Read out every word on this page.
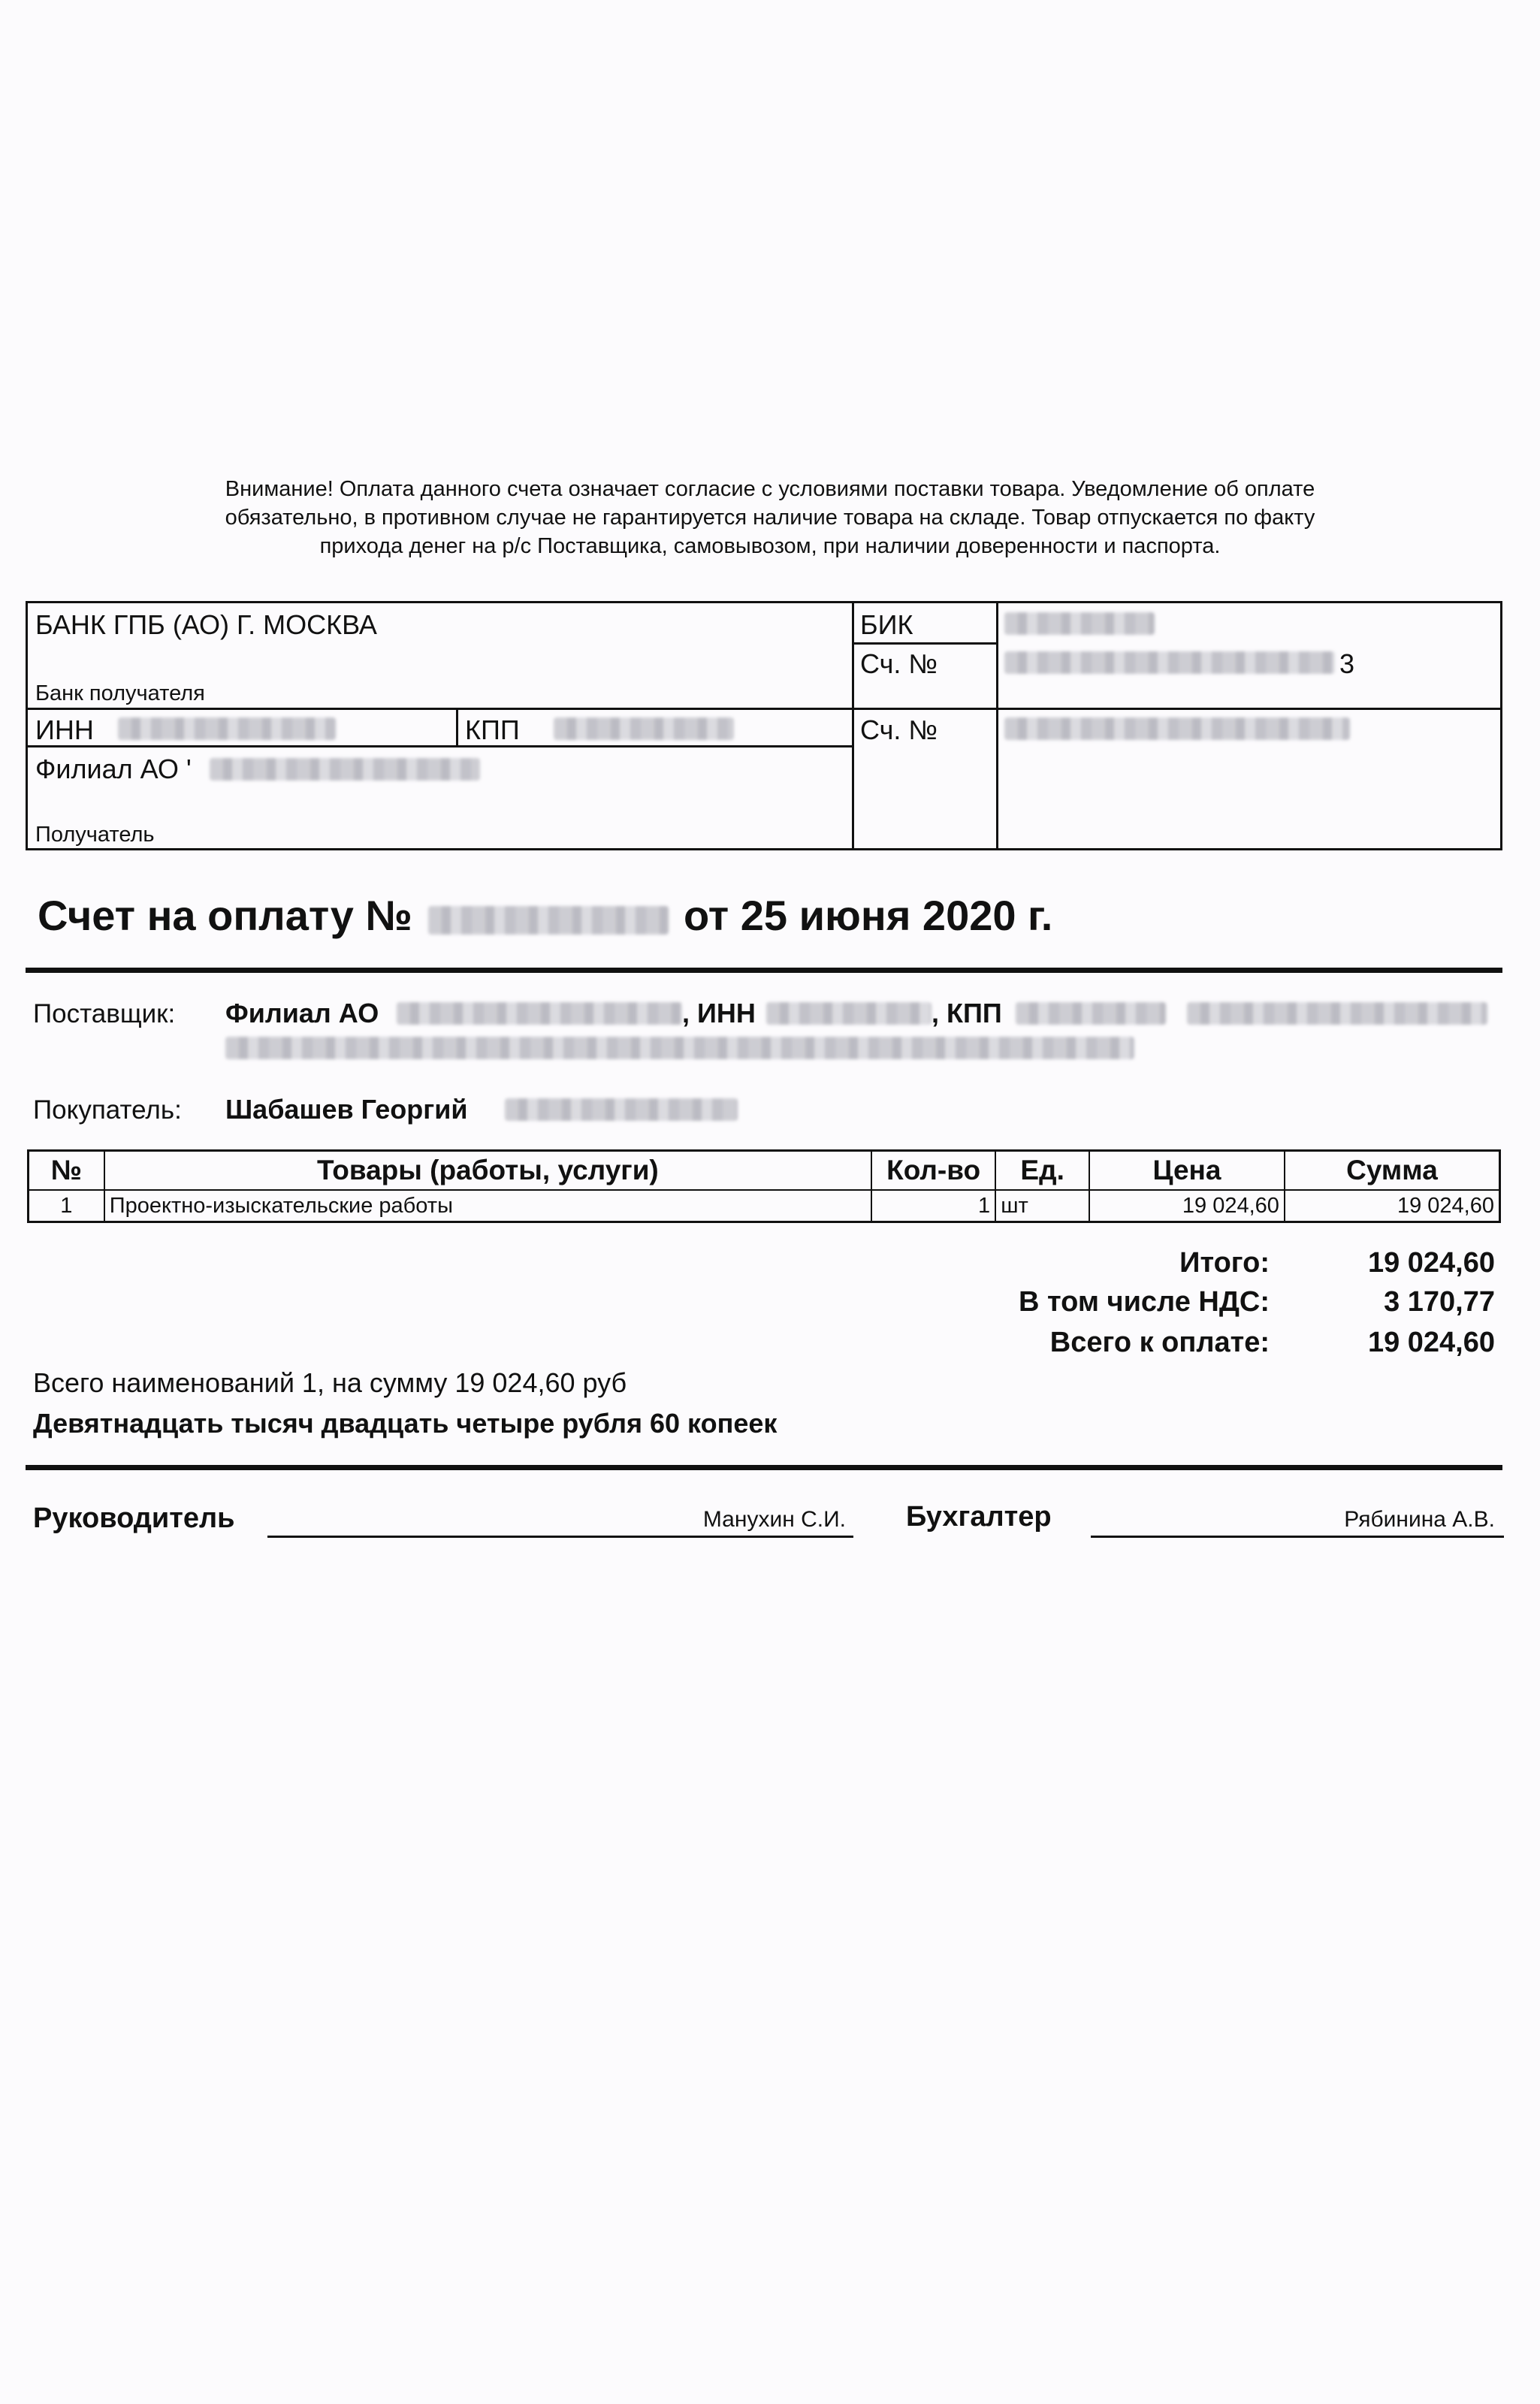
Внимание! Оплата данного счета означает согласие с условиями поставки товара. Уведомление об оплате
обязательно, в противном случае не гарантируется наличие товара на складе. Товар отпускается по факту
прихода денег на р/с Поставщика, самовывозом, при наличии доверенности и паспорта.
БАНК ГПБ (АО) Г. МОСКВА
Банк получателя
ИНН	КПП
Филиал АО '
Получатель
БИК
Сч. №	3
Сч. №
Счет на оплату №	от 25 июня 2020 г.
Поставщик: Филиал АО	, ИНН	, КПП
Покупатель: Шабашев Георгий
№	Товары (работы, услуги)	Кол-во	Ед.	Цена	Сумма
1	Проектно-изыскательские работы	1	шт	19 024,60	19 024,60
Итого:	19 024,60
В том числе НДС:	3 170,77
Всего к оплате:	19 024,60
Всего наименований 1, на сумму 19 024,60 руб
Девятнадцать тысяч двадцать четыре рубля 60 копеек
Руководитель	Манухин С.И. Бухгалтер	Рябинина А.В.
